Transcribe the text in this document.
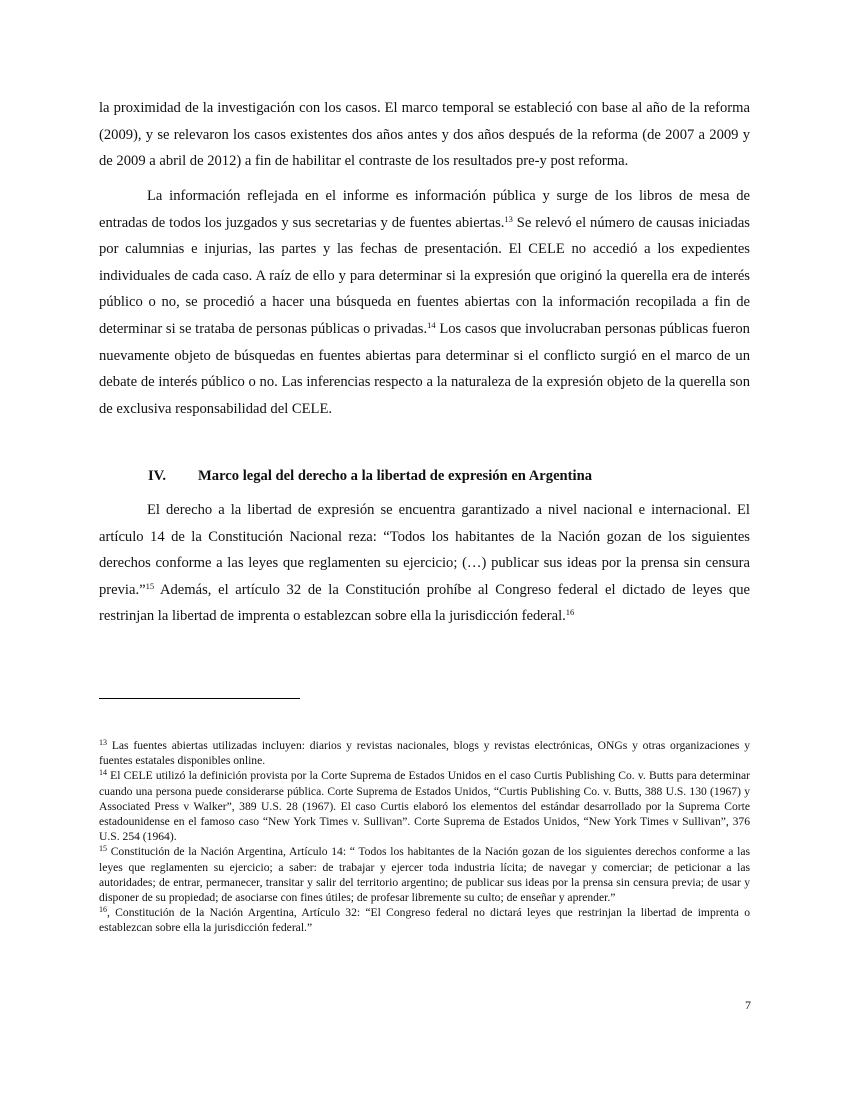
la proximidad de la investigación con los casos. El marco temporal se estableció con base al año de la reforma (2009), y se relevaron los casos existentes dos años antes y dos años después de la reforma (de 2007 a 2009 y de 2009 a abril de 2012) a fin de habilitar el contraste de los resultados pre-y post reforma.

La información reflejada en el informe es información pública y surge de los libros de mesa de entradas de todos los juzgados y sus secretarias y de fuentes abiertas.$^{13}$ Se relevó el número de causas iniciadas por calumnias e injurias, las partes y las fechas de presentación. El CELE no accedió a los expedientes individuales de cada caso. A raíz de ello y para determinar si la expresión que originó la querella era de interés público o no, se procedió a hacer una búsqueda en fuentes abiertas con la información recopilada a fin de determinar si se trataba de personas públicas o privadas.$^{14}$ Los casos que involucraban personas públicas fueron nuevamente objeto de búsquedas en fuentes abiertas para determinar si el conflicto surgió en el marco de un debate de interés público o no. Las inferencias respecto a la naturaleza de la expresión objeto de la querella son de exclusiva responsabilidad del CELE.

IV. Marco legal del derecho a la libertad de expresión en Argentina

El derecho a la libertad de expresión se encuentra garantizado a nivel nacional e internacional. El artículo 14 de la Constitución Nacional reza: “Todos los habitantes de la Nación gozan de los siguientes derechos conforme a las leyes que reglamenten su ejercicio; (…) publicar sus ideas por la prensa sin censura previa.”$^{15}$ Además, el artículo 32 de la Constitución prohíbe al Congreso federal el dictado de leyes que restrinjan la libertad de imprenta o establezcan sobre ella la jurisdicción federal.$^{16}$

$^{13}$ Las fuentes abiertas utilizadas incluyen: diarios y revistas nacionales, blogs y revistas electrónicas, ONGs y otras organizaciones y fuentes estatales disponibles online.

$^{14}$ El CELE utilizó la definición provista por la Corte Suprema de Estados Unidos en el caso Curtis Publishing Co. v. Butts para determinar cuando una persona puede considerarse pública. Corte Suprema de Estados Unidos, “Curtis Publishing Co. v. Butts, 388 U.S. 130 (1967) y Associated Press v Walker”, 389 U.S. 28 (1967). El caso Curtis elaboró los elementos del estándar desarrollado por la Suprema Corte estadounidense en el famoso caso “New York Times v. Sullivan”. Corte Suprema de Estados Unidos, “New York Times v Sullivan”, 376 U.S. 254 (1964).

$^{15}$ Constitución de la Nación Argentina, Artículo 14: “ Todos los habitantes de la Nación gozan de los siguientes derechos conforme a las leyes que reglamenten su ejercicio; a saber: de trabajar y ejercer toda industria lícita; de navegar y comerciar; de peticionar a las autoridades; de entrar, permanecer, transitar y salir del territorio argentino; de publicar sus ideas por la prensa sin censura previa; de usar y disponer de su propiedad; de asociarse con fines útiles; de profesar libremente su culto; de enseñar y aprender.”

$^{16}$, Constitución de la Nación Argentina, Artículo 32: “El Congreso federal no dictará leyes que restrinjan la libertad de imprenta o establezcan sobre ella la jurisdicción federal.”

7
